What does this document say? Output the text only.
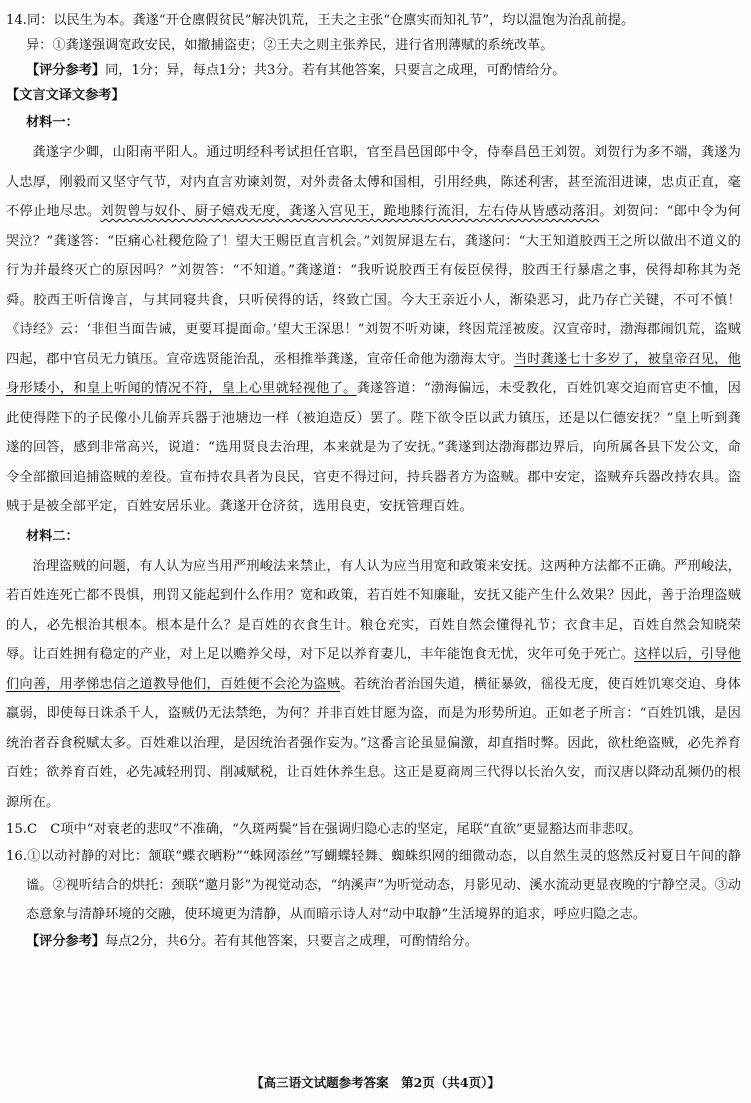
14.同：以民生为本。龚遂“开仓廪假贫民”解决饥荒，王夫之主张“仓廪实而知礼节”，均以温饱为治乱前提。

异：①龚遂强调宽政安民，如撤捕盗吏；②王夫之则主张养民，进行省刑薄赋的系统改革。

【评分参考】同，1分；异，每点1分；共3分。若有其他答案，只要言之成理，可酌情给分。

【文言文译文参考】

材料一：

龚遂字少卿，山阳南平阳人。通过明经科考试担任官职，官至昌邑国郎中令，侍奉昌邑王刘贺。刘贺行为多不端，龚遂为人忠厚，刚毅而又坚守气节，对内直言劝谏刘贺，对外责备太傅和国相，引用经典，陈述利害，甚至流泪进谏，忠贞正直，毫不停止地尽忠。刘贺曾与奴仆、厨子嬉戏无度，龚遂入宫见王，跪地膝行流泪，左右侍从皆感动落泪。刘贺问：“郎中令为何哭泣？”龚遂答：“臣痛心社稷危险了！望大王赐臣直言机会。”刘贺屏退左右，龚遂问：“大王知道胶西王之所以做出不道义的行为并最终灭亡的原因吗？”刘贺答：“不知道。”龚遂道：“我听说胶西王有佞臣侯得，胶西王行暴虐之事，侯得却称其为尧舜。胶西王听信谗言，与其同寝共食，只听侯得的话，终致亡国。今大王亲近小人，渐染恶习，此乃存亡关键，不可不慎！《诗经》云：‘非但当面告诫，更要耳提面命。’望大王深思！”刘贺不听劝谏，终因荒淫被废。汉宣帝时，渤海郡闹饥荒，盗贼四起，郡中官员无力镇压。宣帝选贤能治乱，丞相推举龚遂，宣帝任命他为渤海太守。当时龚遂七十多岁了，被皇帝召见，他身形矮小，和皇上听闻的情况不符，皇上心里就轻视他了。龚遂答道：“渤海偏远，未受教化，百姓饥寒交迫而官吏不恤，因此使得陛下的子民像小儿偷弄兵器于池塘边一样（被迫造反）罢了。陛下欲令臣以武力镇压，还是以仁德安抚？”皇上听到龚遂的回答，感到非常高兴，说道：“选用贤良去治理，本来就是为了安抚。”龚遂到达渤海郡边界后，向所属各县下发公文，命令全部撤回追捕盗贼的差役。宣布持农具者为良民，官吏不得过问，持兵器者方为盗贼。郡中安定，盗贼弃兵器改持农具。盗贼于是被全部平定，百姓安居乐业。龚遂开仓济贫，选用良吏，安抚管理百姓。

材料二：

治理盗贼的问题，有人认为应当用严刑峻法来禁止，有人认为应当用宽和政策来安抚。这两种方法都不正确。严刑峻法，若百姓连死亡都不畏惧，刑罚又能起到什么作用？宽和政策，若百姓不知廉耻，安抚又能产生什么效果？因此，善于治理盗贼的人，必先根治其根本。根本是什么？是百姓的衣食生计。粮仓充实，百姓自然会懂得礼节；衣食丰足，百姓自然会知晓荣辱。让百姓拥有稳定的产业，对上足以赡养父母，对下足以养育妻儿，丰年能饱食无忧，灾年可免于死亡。这样以后，引导他们向善，用孝悌忠信之道教导他们，百姓便不会沦为盗贼。若统治者治国失道，横征暴敛，徭役无度，使百姓饥寒交迫、身体羸弱，即使每日诛杀千人，盗贼仍无法禁绝，为何？并非百姓甘愿为盗，而是为形势所迫。正如老子所言：“百姓饥饿，是因统治者吞食税赋太多。百姓难以治理，是因统治者强作妄为。”这番言论虽显偏激，却直指时弊。因此，欲杜绝盗贼，必先养育百姓；欲养育百姓，必先减轻刑罚、削减赋税，让百姓休养生息。这正是夏商周三代得以长治久安，而汉唐以降动乱频仍的根源所在。

15.C　C项中“对衰老的悲叹”不准确，“久斑两鬓”旨在强调归隐心志的坚定，尾联“直欲”更显豁达而非悲叹。

16.①以动衬静的对比：颔联“蝶衣晒粉”“蛛网添丝”写蝴蝶轻舞、蜘蛛织网的细微动态，以自然生灵的悠然反衬夏日午间的静谧。②视听结合的烘托：颈联“邀月影”为视觉动态，“纳溪声”为听觉动态，月影见动、溪水流动更显夜晚的宁静空灵。③动态意象与清静环境的交融，使环境更为清静，从而暗示诗人对“动中取静”生活境界的追求，呼应归隐之志。

【评分参考】每点2分，共6分。若有其他答案，只要言之成理，可酌情给分。

【高三语文试题参考答案　第2页（共4页）】
